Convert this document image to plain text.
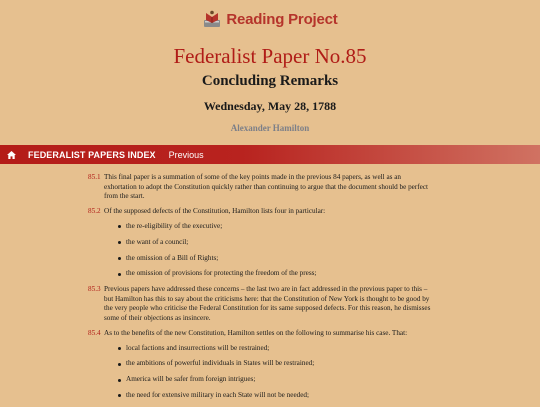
Reading Project
Federalist Paper No.85
Concluding Remarks
Wednesday, May 28, 1788

Alexander Hamilton

FEDERALIST PAPERS INDEX Previous
85.1 This final paper is a summation of some of the key points made in the previous 84 papers, as well as an exhortation to adopt the Constitution quickly rather than continuing to argue that the document should be perfect from the start.
85.2 Of the supposed defects of the Constitution, Hamilton lists four in particular:
the re-eligibility of the executive;
the want of a council;
the omission of a Bill of Rights;
the omission of provisions for protecting the freedom of the press;
85.3 Previous papers have addressed these concerns – the last two are in fact addressed in the previous paper to this – but Hamilton has this to say about the criticisms here: that the Constitution of New York is thought to be good by the very people who criticise the Federal Constitution for its same supposed defects. For this reason, he dismisses some of their objections as insincere.
85.4 As to the benefits of the new Constitution, Hamilton settles on the following to summarise his case. That:
local factions and insurrections will be restrained;
the ambitions of powerful individuals in States will be restrained;
America will be safer from foreign intrigues;
the need for extensive military in each State will not be needed;
